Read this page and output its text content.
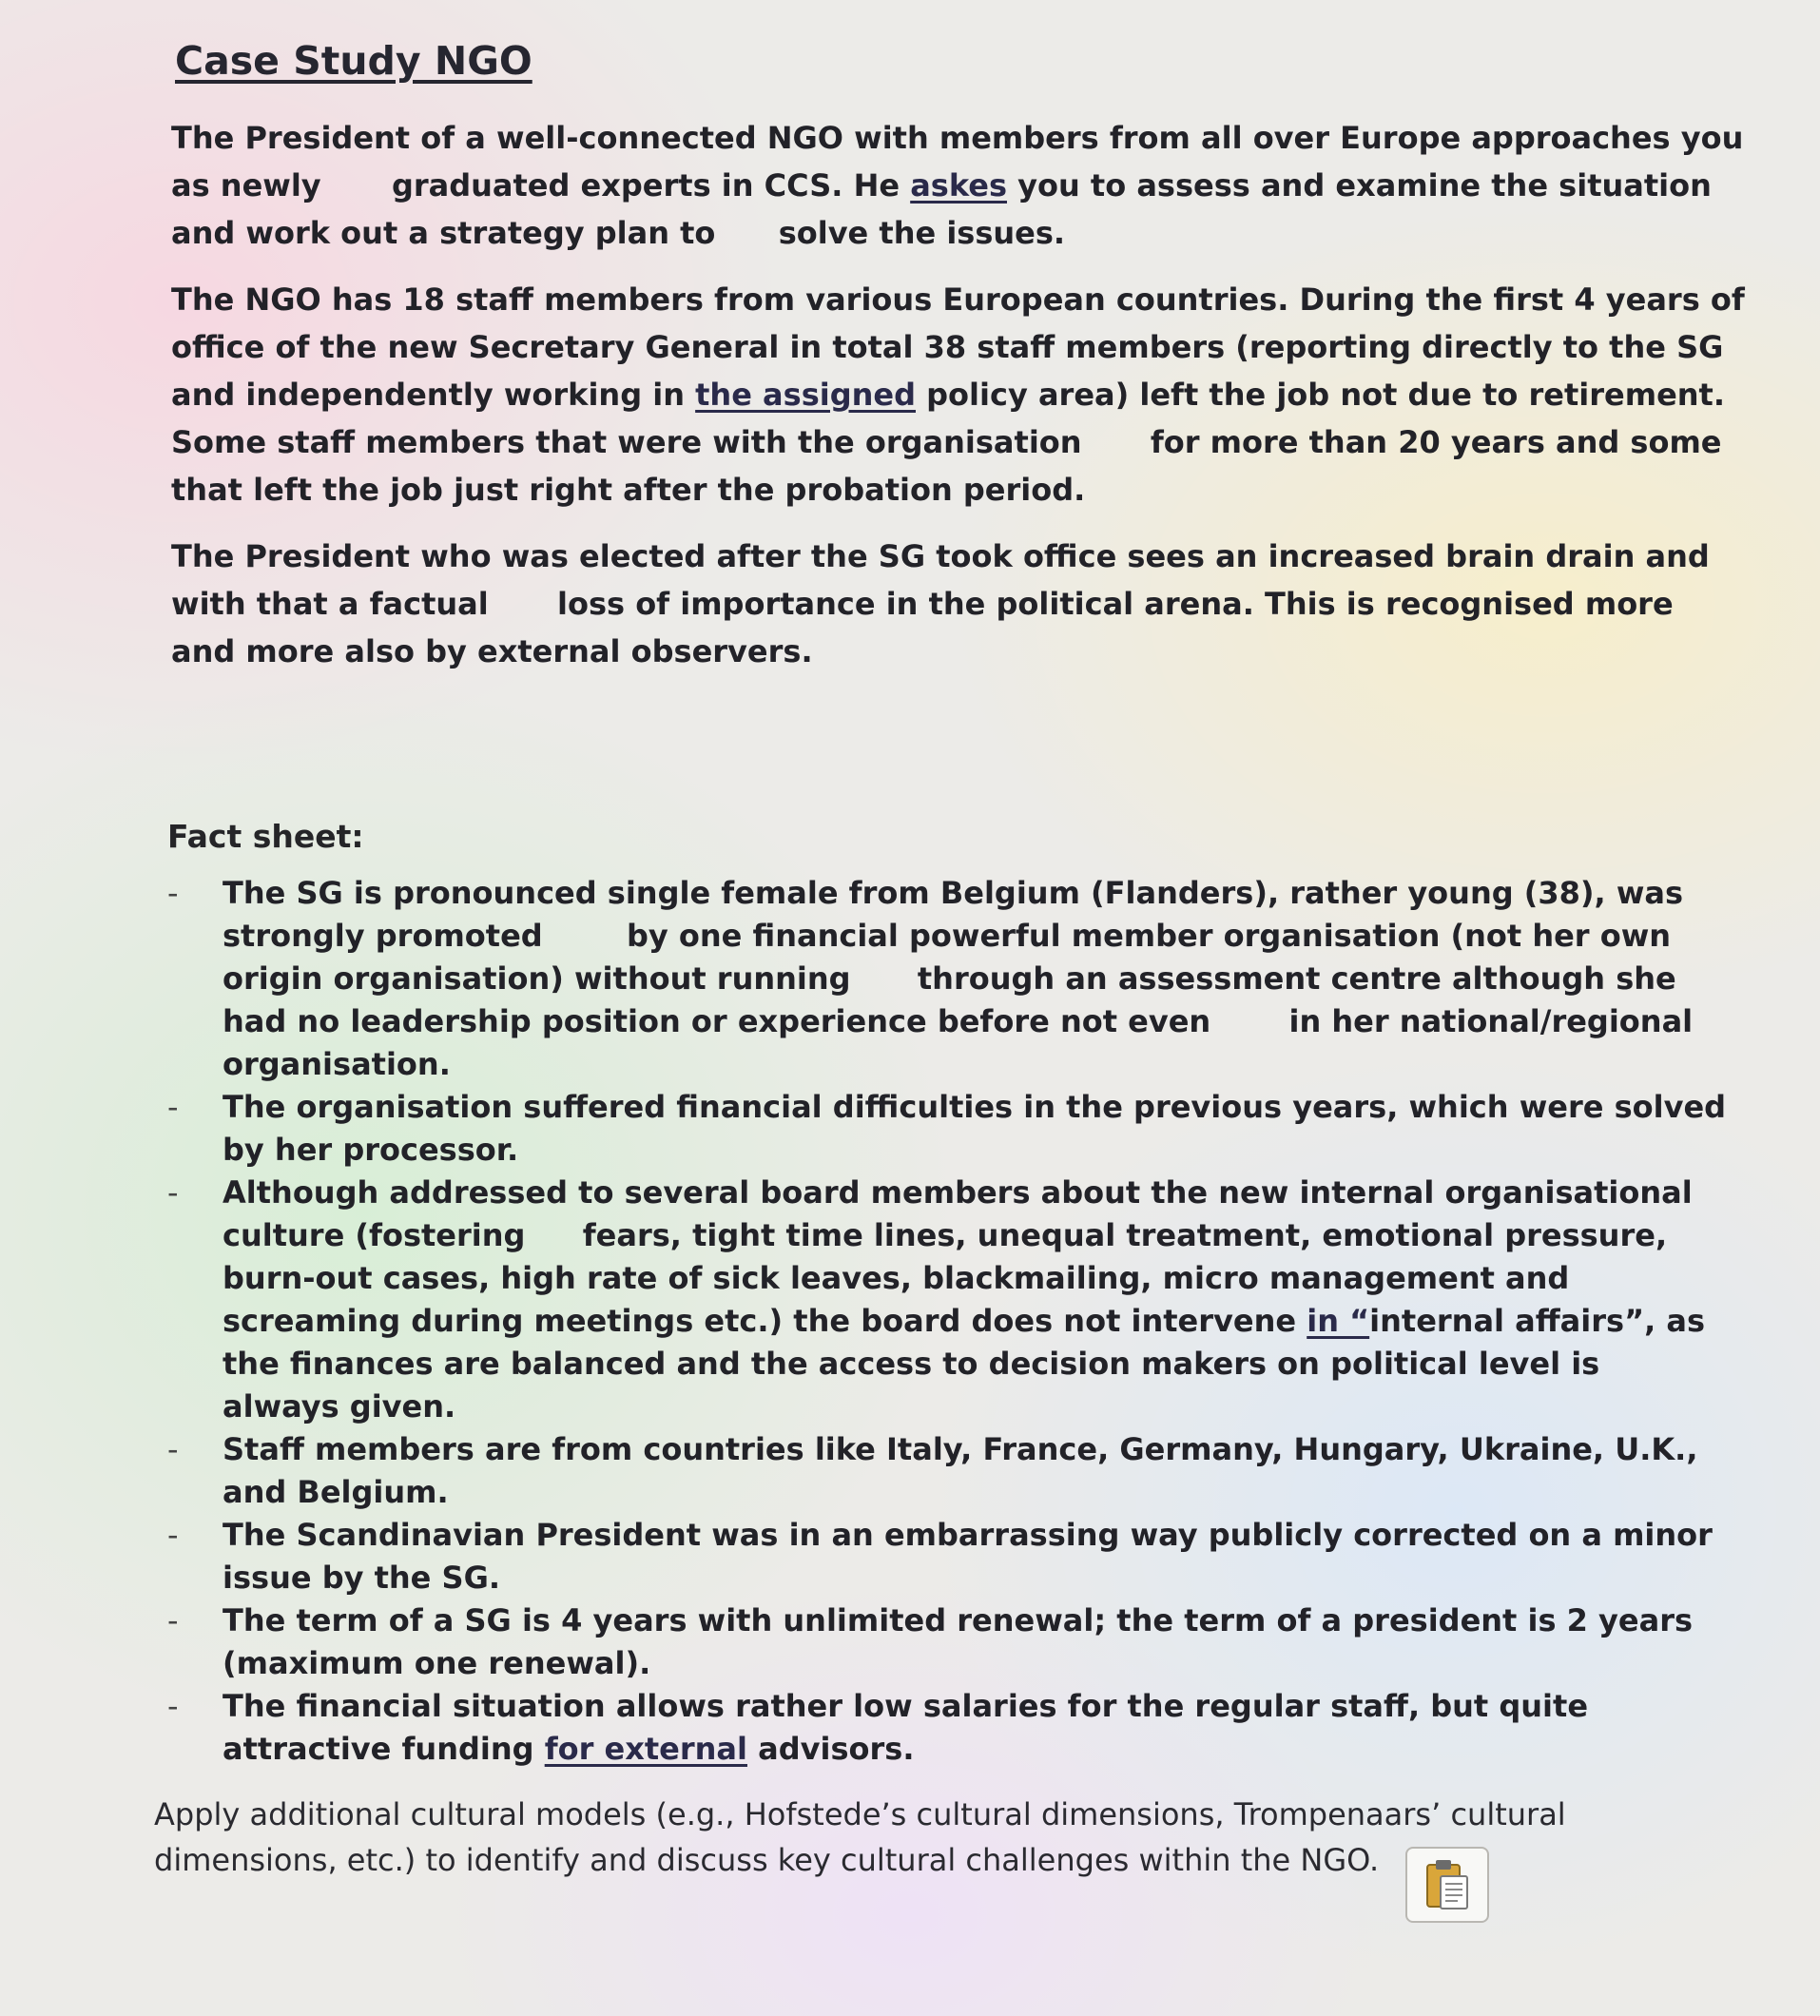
Case Study NGO

The President of a well-connected NGO with members from all over Europe approaches you as newly graduated experts in CCS. He askes you to assess and examine the situation and work out a strategy plan to solve the issues.

The NGO has 18 staff members from various European countries. During the first 4 years of office of the new Secretary General in total 38 staff members (reporting directly to the SG and independently working in the assigned policy area) left the job not due to retirement. Some staff members that were with the organisation for more than 20 years and some that left the job just right after the probation period.

The President who was elected after the SG took office sees an increased brain drain and with that a factual loss of importance in the political arena. This is recognised more and more also by external observers.

Fact sheet:
- The SG is pronounced single female from Belgium (Flanders), rather young (38), was strongly promoted	by one financial powerful member organisation (not her own origin organisation) without running through an assessment centre although she had no leadership position or experience before not even	in her national/regional organisation.
- The organisation suffered financial difficulties in the previous years, which were solved by her processor.
- Although addressed to several board members about the new internal organisational culture (fostering fears, tight time lines, unequal treatment, emotional pressure, burn-out cases, high rate of sick leaves, blackmailing, micro management and screaming during meetings etc.) the board does not intervene in “internal affairs”, as the finances are balanced and the access to decision makers on political level is  always given.
- Staff members are from countries like Italy, France, Germany, Hungary, Ukraine, U.K., and Belgium.
- The Scandinavian President was in an embarrassing way publicly corrected on a minor issue by the SG.
- The term of a SG is 4 years with unlimited renewal; the term of a president is 2 years (maximum one renewal).
- The financial situation allows rather low salaries for the regular staff, but quite attractive funding for external advisors.

Apply additional cultural models (e.g., Hofstede’s cultural dimensions, Trompenaars’ cultural dimensions, etc.) to identify and discuss key cultural challenges within the NGO.
